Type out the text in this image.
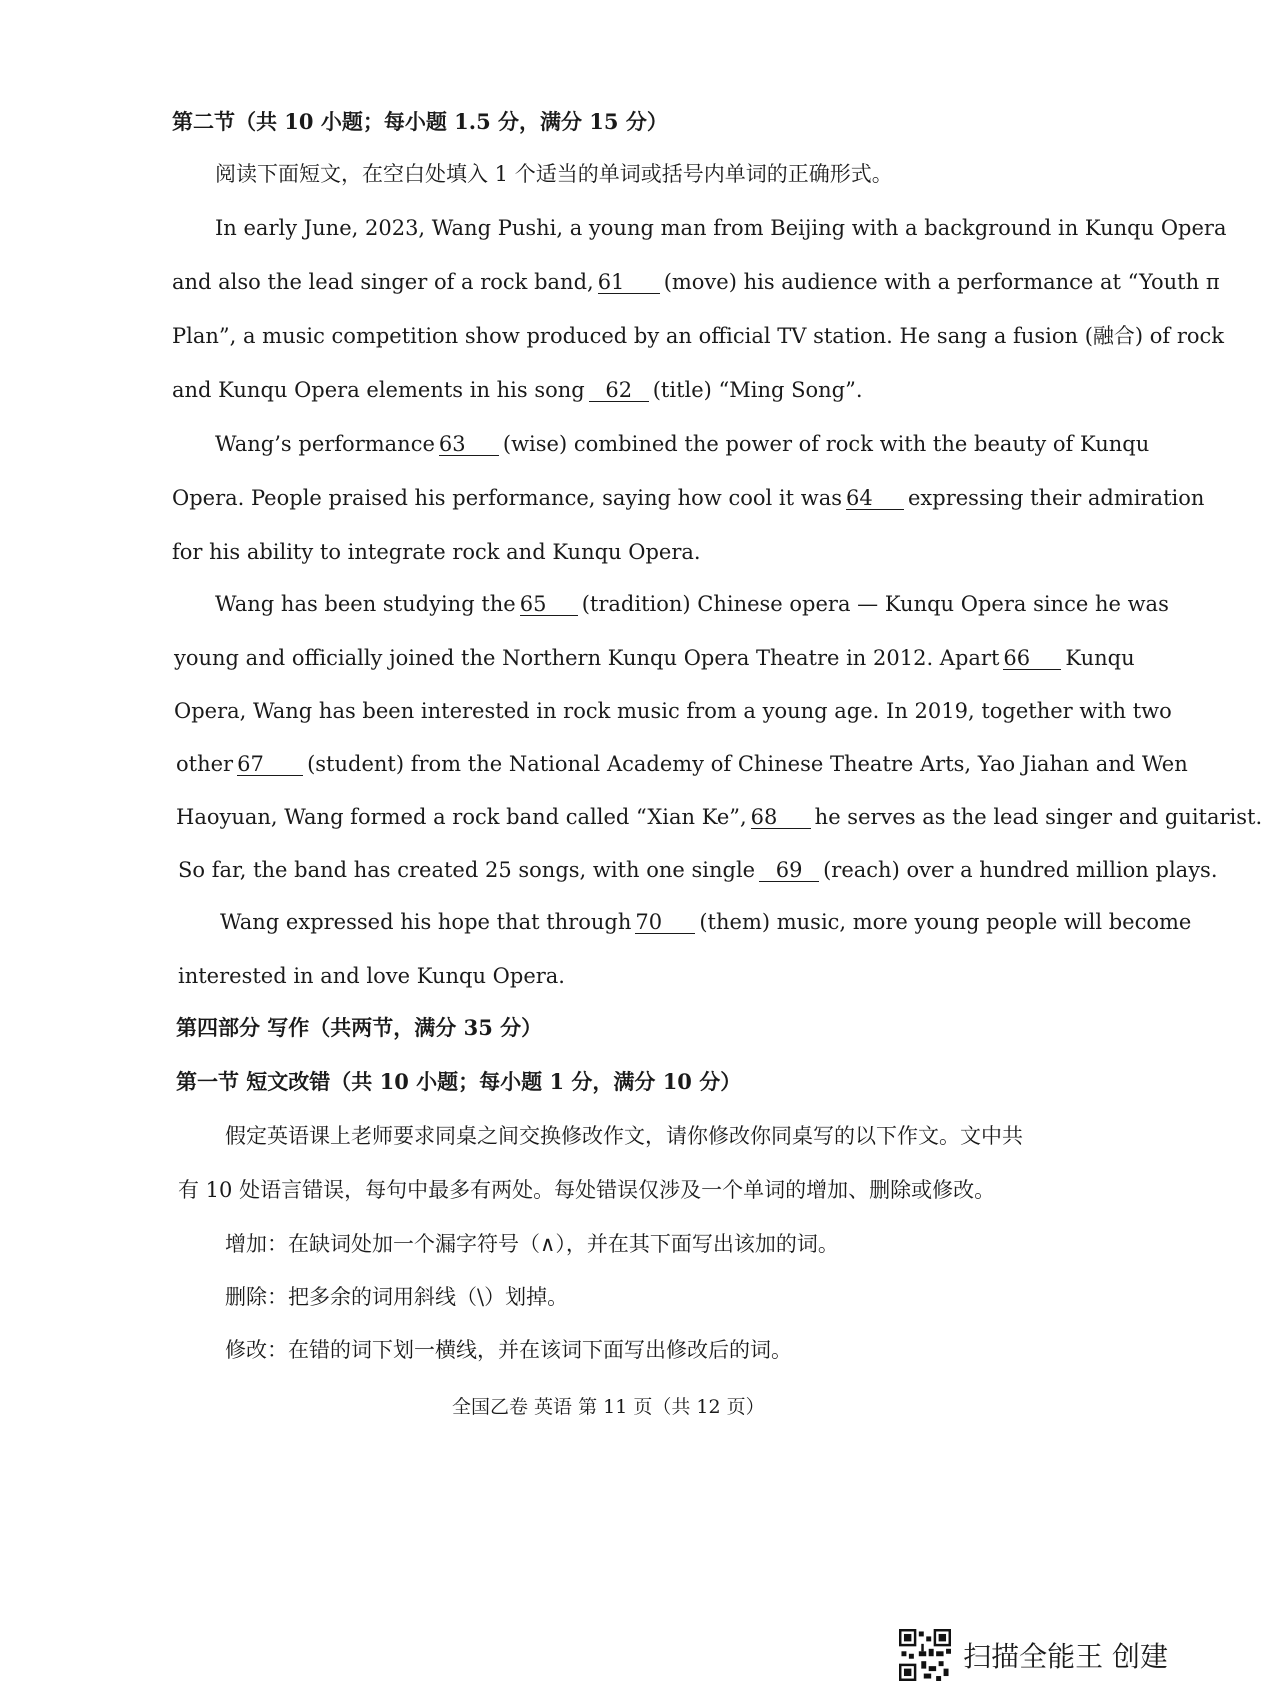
第二节（共 10 小题；每小题 1.5 分，满分 15 分）
阅读下面短文，在空白处填入 1 个适当的单词或括号内单词的正确形式。
In early June, 2023, Wang Pushi, a young man from Beijing with a background in Kunqu Opera
and also the lead singer of a rock band, 61 (move) his audience with a performance at “Youth π
Plan”, a music competition show produced by an official TV station. He sang a fusion (融合) of rock
and Kunqu Opera elements in his song 62 (title) “Ming Song”.
Wang’s performance 63 (wise) combined the power of rock with the beauty of Kunqu
Opera. People praised his performance, saying how cool it was 64 expressing their admiration
for his ability to integrate rock and Kunqu Opera.
Wang has been studying the 65 (tradition) Chinese opera — Kunqu Opera since he was
young and officially joined the Northern Kunqu Opera Theatre in 2012. Apart 66 Kunqu
Opera, Wang has been interested in rock music from a young age. In 2019, together with two
other 67 (student) from the National Academy of Chinese Theatre Arts, Yao Jiahan and Wen
Haoyuan, Wang formed a rock band called “Xian Ke”, 68 he serves as the lead singer and guitarist.
So far, the band has created 25 songs, with one single 69 (reach) over a hundred million plays.
Wang expressed his hope that through 70 (them) music, more young people will become
interested in and love Kunqu Opera.
第四部分 写作（共两节，满分 35 分）
第一节 短文改错（共 10 小题；每小题 1 分，满分 10 分）
假定英语课上老师要求同桌之间交换修改作文，请你修改你同桌写的以下作文。文中共
有 10 处语言错误，每句中最多有两处。每处错误仅涉及一个单词的增加、删除或修改。
增加：在缺词处加一个漏字符号（∧），并在其下面写出该加的词。
删除：把多余的词用斜线（\）划掉。
修改：在错的词下划一横线，并在该词下面写出修改后的词。
全国乙卷 英语 第 11 页（共 12 页）
扫描全能王 创建
